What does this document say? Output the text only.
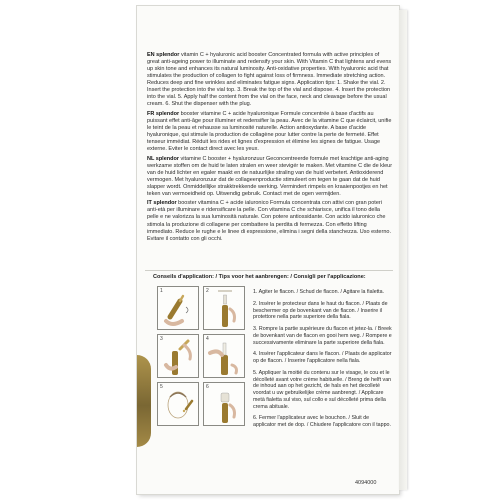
EN splendor vitamin C + hyaluronic acid booster Concentrated formula with active principles of great anti-ageing power to illuminate and redensify your skin. With Vitamin C that lightens and evens up skin tone and enhances its natural luminosity. Anti-oxidative properties. With hyaluronic acid that stimulates the production of collagen to fight against loss of firmness. Immediate stretching action. Reduces deep and fine wrinkles and eliminates fatigue signs. Application tips: 1. Shake the vial. 2. Insert the protection into the vial top. 3. Break the top of the vial and dispose. 4. Insert the protection into the vial. 5. Apply half the content from the vial on the face, neck and cleavage before the usual cream. 6. Shut the dispenser with the plug.

FR splendor booster vitamine C + acide hyaluronique Formule concentrée à base d'actifs au puissant effet anti-âge pour illuminer et redensifier la peau. Avec de la vitamine C que éclaircit, unifie le teint de la peau et rehausse sa luminosité naturelle. Action antioxydante. A base d'acide hyaluronique, qui stimule la production de collagène pour lutter contre la perte de fermeté. Effet tenseur immédiat. Réduit les rides et lignes d'expression et élimine les signes de fatigue. Usage externe. Eviter le contact direct avec les yeux.

NL splendor vitamine C booster + hyaluronzuur Geconcentreerde formule met krachtige anti-aging werkzame stoffen om de huid te laten stralen en weer stevigér te maken. Met vitamine C die de kleur van de huid lichter en egaler maakt en de natuurlijke straling van de huid verbetert. Antioxiderend vermogen. Met hyaluronzuur dat de collageenproductie stimuleert om tegen te gaan dat de huid slapper wordt. Onmiddellijke strakktrekkende werking. Vermindert rimpels en kraaienpootjes en het teken van vermoeidheid op. Uitwendig gebruik. Contact met de ogen vermijden.

IT splendor booster vitamina C + acide ialuronico Formula concentrata con attivi con gran poteri anti-età per illuminare e ridensificare la pelle. Con vitamina C che schiarisce, unifica il tono della pelle e ne valorizza la sua luminosità naturale. Con potere antiossidante. Con acido ialuronico che stimola la produzione di collagene per combattere la perdita di fermezza. Con effetto lifting immediato. Reduce le rughe e le linee di espressione, elimina i segni della stanchezza. Uso esterno. Evitare il contatto con gli occhi.

Conseils d'application: / Tips voor het aanbrengen: / Consigli per l'applicazione:
1	2
3	4
5	6

1. Agiter le flacon. / Schud de flacon. / Agitare la fialetta.

2. Insérer le protecteur dans le haut du flacon. / Plaats de beschermer op de bovenkant van de flacon. / Inserire il protettore nella parte superiore della fiala.

3. Rompre la partie supérieure du flacon et jetez-la. / Breek de bovenkant van de flacon en gooi hem weg. / Rompere e successivamente eliminare la parte superiore della fiala.

4. Insérer l'applicateur dans le flacon. / Plaats de applicator op de flacon. / Inserire l'applicatore nella fiala.

5. Appliquer la moitié du contenu sur le visage, le cou et le décolleté avant votre crème habituelle. / Breng de helft van de inhoud aan op het gezicht, de hals en het decolleté voordat u uw gebruikelijke crème aanbrengt. / Applicare metà fialetta sul viso, sul collo e sul décolleté prima della crema abituale.

6. Fermer l'applicateur avec le bouchon. / Sluit de applicator met de dop. / Chiudere l'applicatore con il tappo.

4094000
